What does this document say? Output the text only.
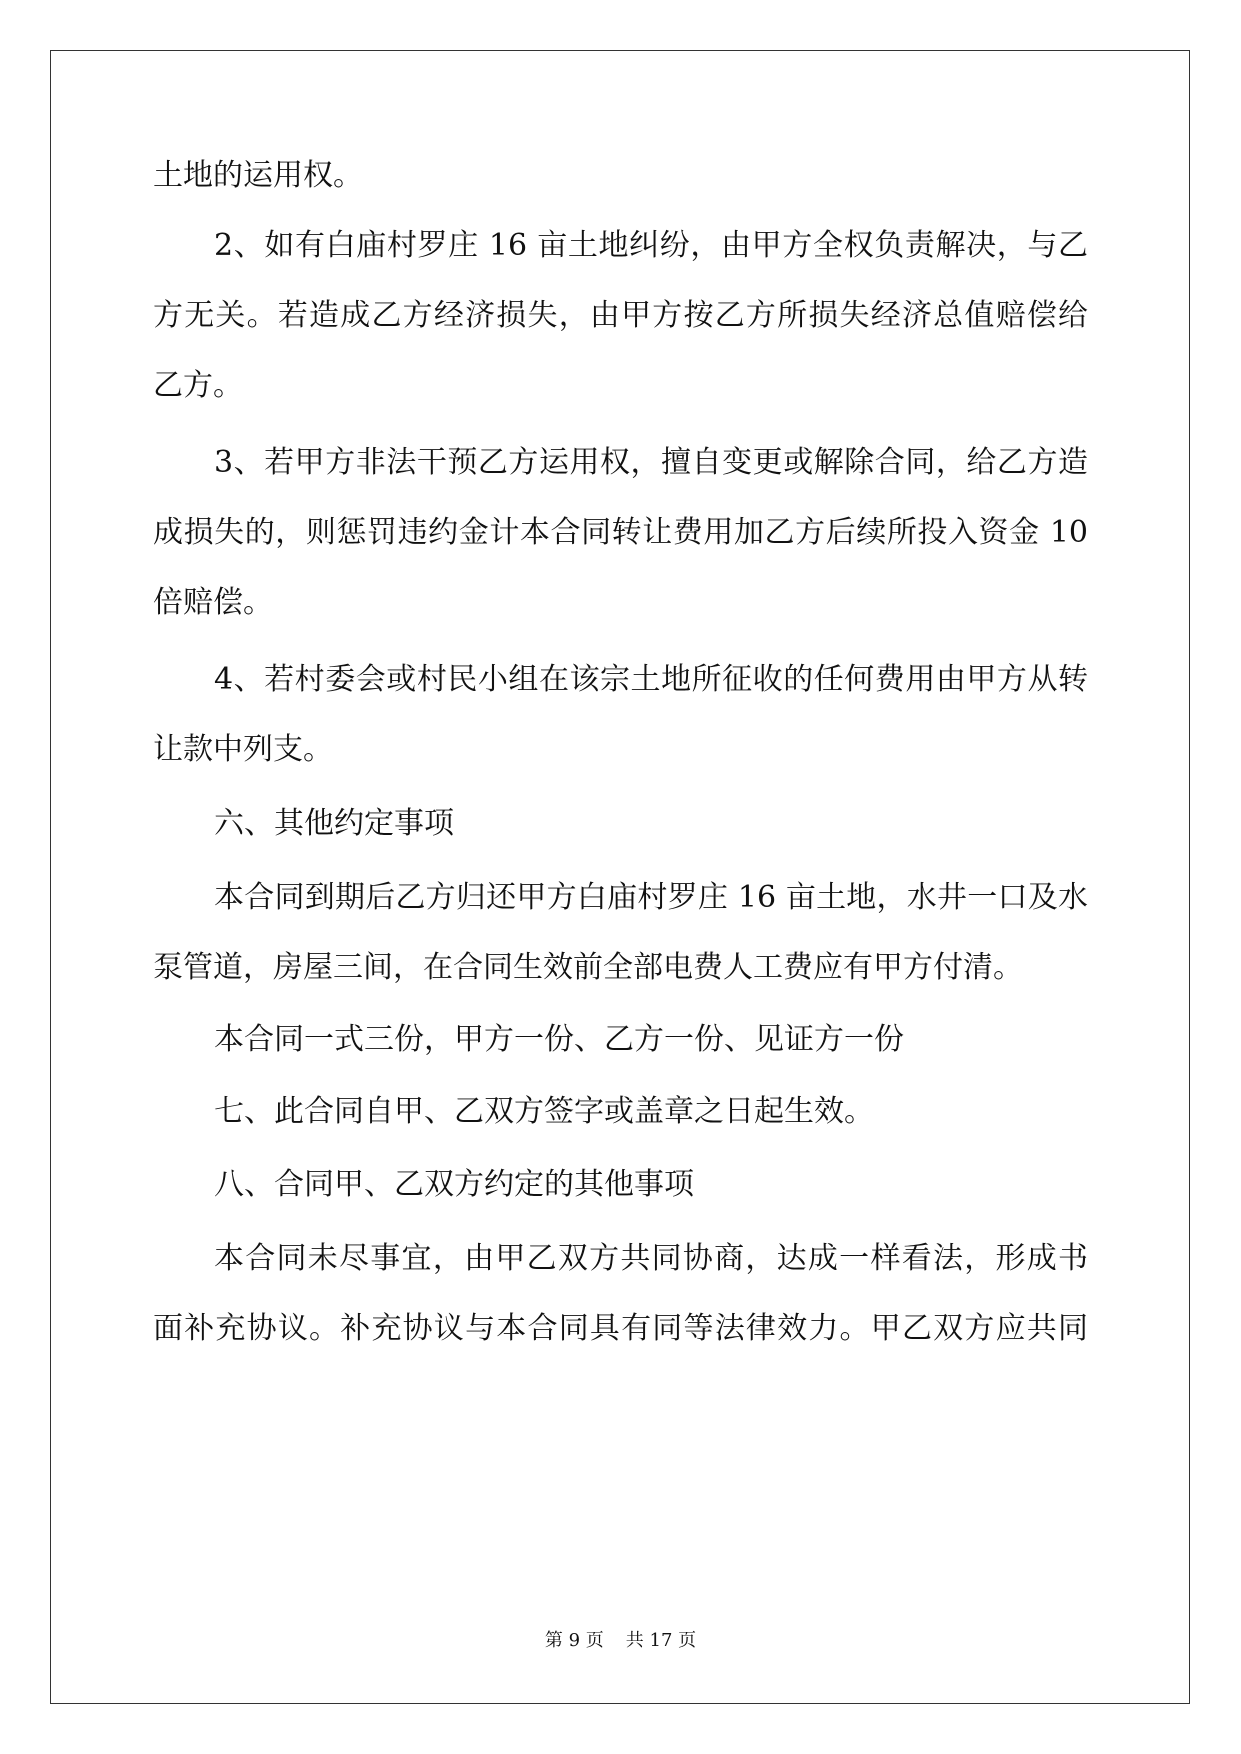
土地的运用权。
2、如有白庙村罗庄 16 亩土地纠纷，由甲方全权负责解决，与乙
方无关。若造成乙方经济损失，由甲方按乙方所损失经济总值赔偿给
乙方。
3、若甲方非法干预乙方运用权，擅自变更或解除合同，给乙方造
成损失的，则惩罚违约金计本合同转让费用加乙方后续所投入资金 10
倍赔偿。
4、若村委会或村民小组在该宗土地所征收的任何费用由甲方从转
让款中列支。
六、其他约定事项
本合同到期后乙方归还甲方白庙村罗庄 16 亩土地，水井一口及水
泵管道，房屋三间，在合同生效前全部电费人工费应有甲方付清。
本合同一式三份，甲方一份、乙方一份、见证方一份
七、此合同自甲、乙双方签字或盖章之日起生效。
八、合同甲、乙双方约定的其他事项
本合同未尽事宜，由甲乙双方共同协商，达成一样看法，形成书
面补充协议。补充协议与本合同具有同等法律效力。甲乙双方应共同
第 9 页 共 17 页
